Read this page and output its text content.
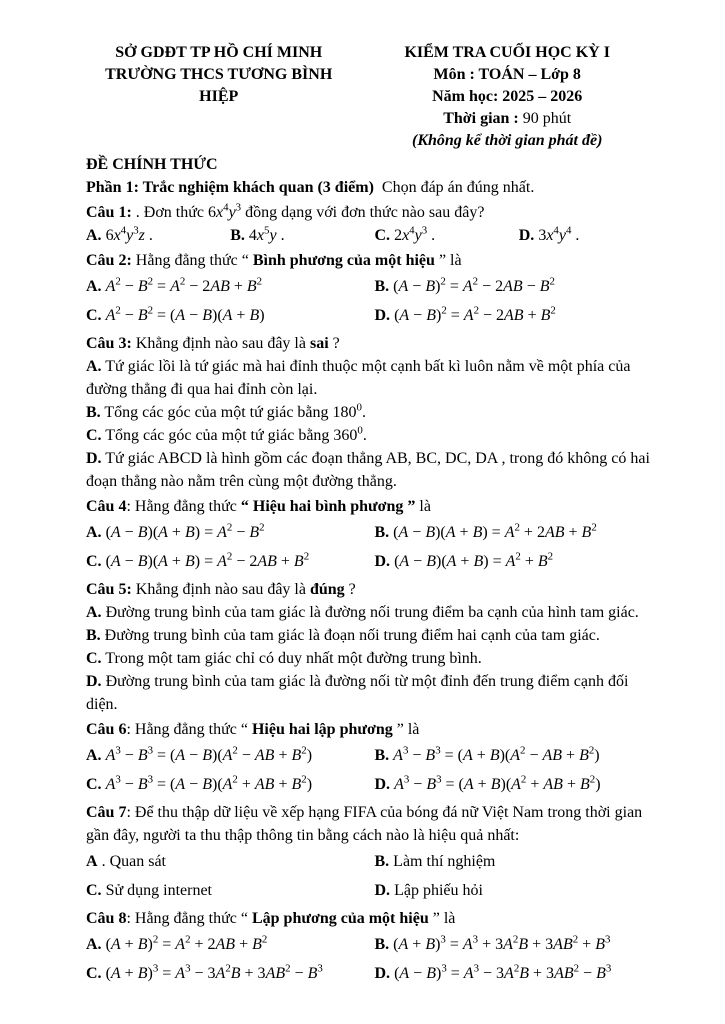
SỞ GDĐT TP HỒ CHÍ MINH
TRƯỜNG THCS TƯƠNG BÌNH HIỆP
KIỂM TRA CUỐI HỌC KỲ I
Môn : TOÁN – Lớp 8
Năm học: 2025 – 2026
Thời gian : 90 phút
(Không kể thời gian phát đề)
ĐỀ CHÍNH THỨC
Phần 1: Trắc nghiệm khách quan (3 điểm)  Chọn đáp án đúng nhất.
Câu 1: . Đơn thức $6x^4y^3$ đồng dạng với đơn thức nào sau đây?
A. $6x^4y^3z$ .	B. $4x^5y$ .	C. $2x^4y^3$ .	D. $3x^4y^4$ .
Câu 2: Hằng đẳng thức “ Bình phương của một hiệu ” là
A. $A^2 - B^2 = A^2 - 2AB + B^2$	B. $(A - B)^2 = A^2 - 2AB - B^2$
C. $A^2 - B^2 = (A - B)(A + B)$	D. $(A - B)^2 = A^2 - 2AB + B^2$
Câu 3: Khẳng định nào sau đây là sai ?
A. Tứ giác lồi là tứ giác mà hai đỉnh thuộc một cạnh bất kì luôn nằm về một phía của đường thẳng đi qua hai đỉnh còn lại.
B. Tổng các góc của một tứ giác bằng $180^0$.
C. Tổng các góc của một tứ giác bằng $360^0$.
D. Tứ giác ABCD là hình gồm các đoạn thẳng AB, BC, DC, DA , trong đó không có hai đoạn thẳng nào nằm trên cùng một đường thẳng.
Câu 4: Hằng đẳng thức “ Hiệu hai bình phương ” là
A. $(A - B)(A + B) = A^2 - B^2$	B. $(A - B)(A + B) = A^2 + 2AB + B^2$
C. $(A - B)(A + B) = A^2 - 2AB + B^2$	D. $(A - B)(A + B) = A^2 + B^2$
Câu 5: Khẳng định nào sau đây là đúng ?
A. Đường trung bình của tam giác là đường nối trung điểm ba cạnh của hình tam giác.
B. Đường trung bình của tam giác là đoạn nối trung điểm hai cạnh của tam giác.
C. Trong một tam giác chỉ có duy nhất một đường trung bình.
D. Đường trung bình của tam giác là đường nối từ một đỉnh đến trung điểm cạnh đối diện.
Câu 6: Hằng đẳng thức “ Hiệu hai lập phương ” là
A. $A^3 - B^3 = (A - B)(A^2$ − AB + $B^2$)	B. $A^3 - B^3 = (A + B)(A^2$ − AB + $B^2$)
C. $A^3 - B^3 = (A - B)(A^2$ + AB + $B^2$)	D. $A^3 - B^3 = (A + B)(A^2$ + AB + $B^2$)
Câu 7: Để thu thập dữ liệu về xếp hạng FIFA của bóng đá nữ Việt Nam trong thời gian gần đây, người ta thu thập thông tin bằng cách nào là hiệu quả nhất:
A . Quan sát	B. Làm thí nghiệm
C. Sử dụng internet	D. Lập phiếu hỏi
Câu 8: Hằng đẳng thức “ Lập phương của một hiệu ” là
A. $(A + B)^2 = A^2 + 2AB + B^2$	B. $(A + B)^3 = A^3 + 3A^2B + 3AB^2 + B^3$
C. $(A + B)^3 = A^3 - 3A^2B + 3AB^2 - B^3$	D. $(A - B)^3 = A^3 - 3A^2B + 3AB^2 - B^3$
